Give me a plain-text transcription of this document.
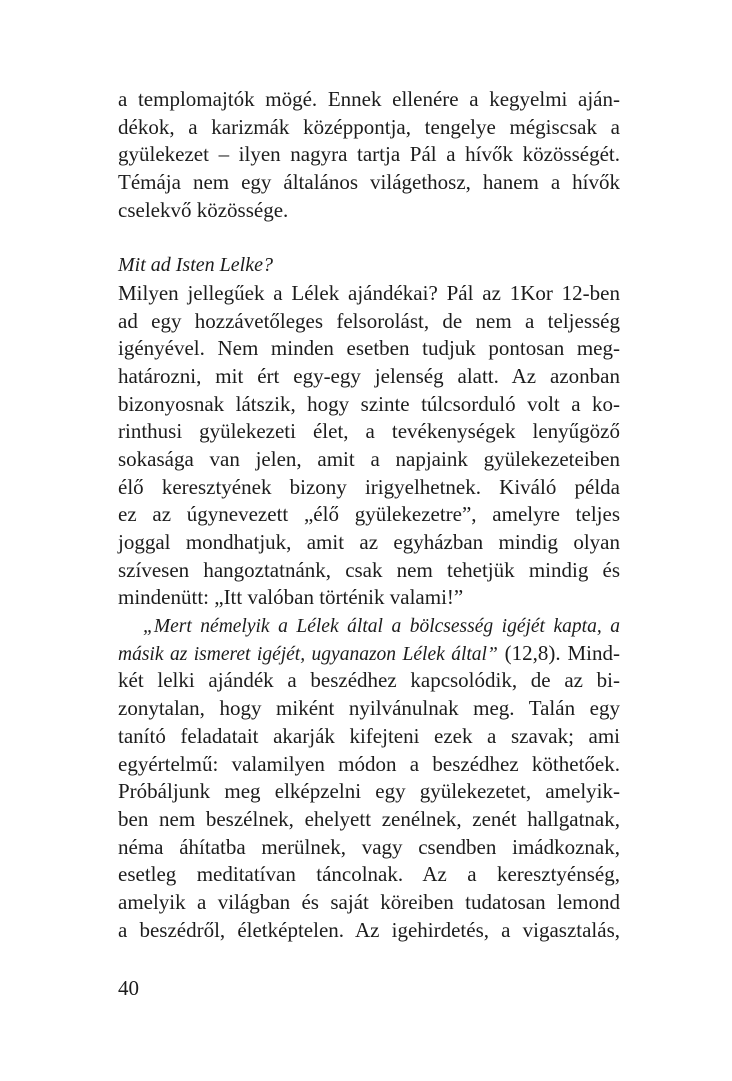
a templomajtók mögé. Ennek ellenére a kegyelmi aján-
dékok, a karizmák középpontja, tengelye mégiscsak a
gyülekezet – ilyen nagyra tartja Pál a hívők közösségét.
Témája nem egy általános világethosz, hanem a hívők
cselekvő közössége.
Mit ad Isten Lelke?
Milyen jellegűek a Lélek ajándékai? Pál az 1Kor 12-ben
ad egy hozzávetőleges felsorolást, de nem a teljesség
igényével. Nem minden esetben tudjuk pontosan meg-
határozni, mit ért egy-egy jelenség alatt. Az azonban
bizonyosnak látszik, hogy szinte túlcsorduló volt a ko-
rinthusi gyülekezeti élet, a tevékenységek lenyűgöző
sokasága van jelen, amit a napjaink gyülekezeteiben
élő keresztyének bizony irigyelhetnek. Kiváló példa
ez az úgynevezett „élő gyülekezetre”, amelyre teljes
joggal mondhatjuk, amit az egyházban mindig olyan
szívesen hangoztatnánk, csak nem tehetjük mindig és
mindenütt: „Itt valóban történik valami!”
„Mert némelyik a Lélek által a bölcsesség igéjét kapta, a
másik az ismeret igéjét, ugyanazon Lélek által” (12,8). Mind-
két lelki ajándék a beszédhez kapcsolódik, de az bi-
zonytalan, hogy miként nyilvánulnak meg. Talán egy
tanító feladatait akarják kifejteni ezek a szavak; ami
egyértelmű: valamilyen módon a beszédhez köthetőek.
Próbáljunk meg elképzelni egy gyülekezetet, amelyik-
ben nem beszélnek, ehelyett zenélnek, zenét hallgatnak,
néma áhítatba merülnek, vagy csendben imádkoznak,
esetleg meditatívan táncolnak. Az a keresztyénség,
amelyik a világban és saját köreiben tudatosan lemond
a beszédről, életképtelen. Az igehirdetés, a vigasztalás,
40
